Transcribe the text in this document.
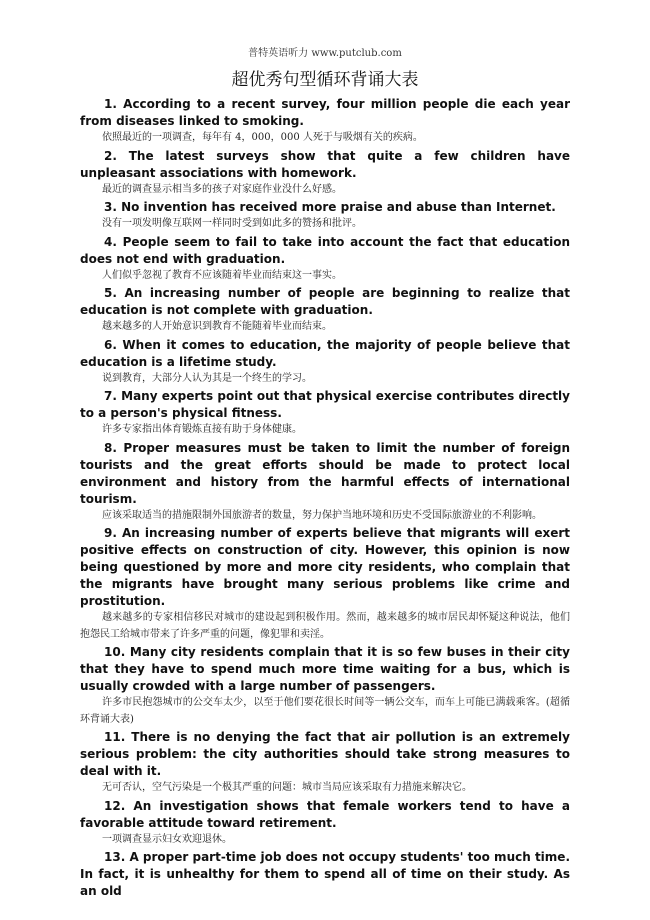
普特英语听力 www.putclub.com
超优秀句型循环背诵大表

1. According to a recent survey, four million people die each year from diseases linked to smoking.

依照最近的一项调查，每年有 4，000，000 人死于与吸烟有关的疾病。

2. The latest surveys show that quite a few children have unpleasant associations with homework.

最近的调查显示相当多的孩子对家庭作业没什么好感。

3. No invention has received more praise and abuse than Internet.

没有一项发明像互联网一样同时受到如此多的赞扬和批评。

4. People seem to fail to take into account the fact that education does not end with graduation.

人们似乎忽视了教育不应该随着毕业而结束这一事实。

5. An increasing number of people are beginning to realize that education is not complete with graduation.

越来越多的人开始意识到教育不能随着毕业而结束。

6. When it comes to education, the majority of people believe that education is a lifetime study.

说到教育，大部分人认为其是一个终生的学习。

7. Many experts point out that physical exercise contributes directly to a person's physical fitness.

许多专家指出体育锻炼直接有助于身体健康。

8. Proper measures must be taken to limit the number of foreign tourists and the great efforts should be made to protect local environment and history from the harmful effects of international tourism.

应该采取适当的措施限制外国旅游者的数量，努力保护当地环境和历史不受国际旅游业的不利影响。

9. An increasing number of experts believe that migrants will exert positive effects on construction of city. However, this opinion is now being questioned by more and more city residents, who complain that the migrants have brought many serious problems like crime and prostitution.

越来越多的专家相信移民对城市的建设起到积极作用。然而，越来越多的城市居民却怀疑这种说法，他们抱怨民工给城市带来了许多严重的问题，像犯罪和卖淫。

10. Many city residents complain that it is so few buses in their city that they have to spend much more time waiting for a bus, which is usually crowded with a large number of passengers.

许多市民抱怨城市的公交车太少，以至于他们要花很长时间等一辆公交车，而车上可能已满载乘客。(超循环背诵大表)

11. There is no denying the fact that air pollution is an extremely serious problem: the city authorities should take strong measures to deal with it.

无可否认，空气污染是一个极其严重的问题：城市当局应该采取有力措施来解决它。

12. An investigation shows that female workers tend to have a favorable attitude toward retirement.

一项调查显示妇女欢迎退休。

13. A proper part-time job does not occupy students' too much time. In fact, it is unhealthy for them to spend all of time on their study. As an old
